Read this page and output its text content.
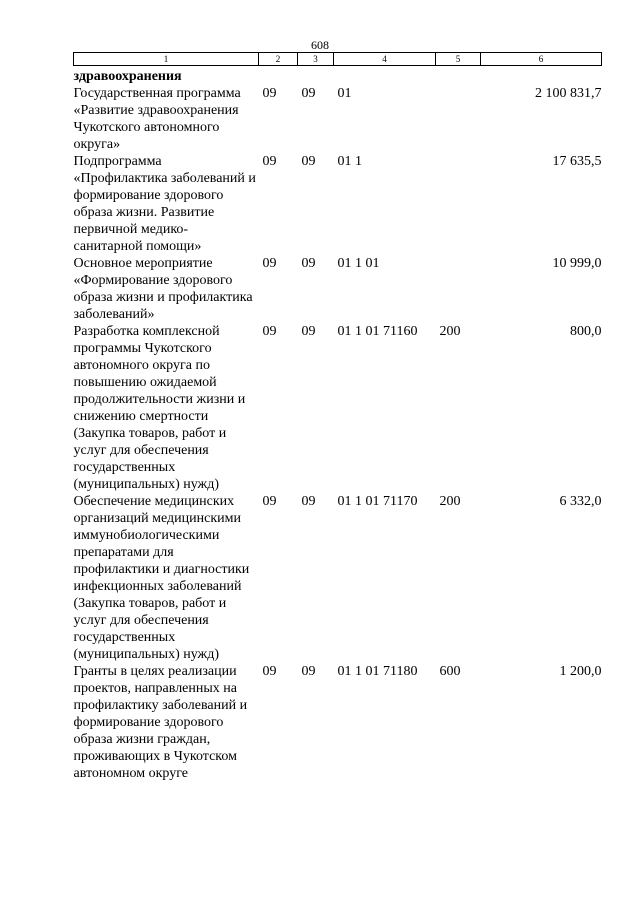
608
1	2	3	4	5	6
здравоохранения					
Государственная программа «Развитие здравоохранения Чукотского автономного округа»	09	09	01		2 100 831,7
Подпрограмма «Профилактика заболеваний и формирование здорового образа жизни. Развитие первичной медико-санитарной помощи»	09	09	01 1		17 635,5
Основное мероприятие «Формирование здорового образа жизни и профилактика заболеваний»	09	09	01 1 01		10 999,0
Разработка комплексной программы Чукотского автономного округа по повышению ожидаемой продолжительности жизни и снижению смертности (Закупка товаров, работ и услуг для обеспечения государственных (муниципальных) нужд)	09	09	01 1 01 71160	200	800,0
Обеспечение медицинских организаций медицинскими иммунобиологическими препаратами для профилактики и диагностики инфекционных заболеваний (Закупка товаров, работ и услуг для обеспечения государственных (муниципальных) нужд)	09	09	01 1 01 71170	200	6 332,0
Гранты в целях реализации проектов, направленных на профилактику заболеваний и формирование здорового образа жизни граждан, проживающих в Чукотском автономном округе	09	09	01 1 01 71180	600	1 200,0
